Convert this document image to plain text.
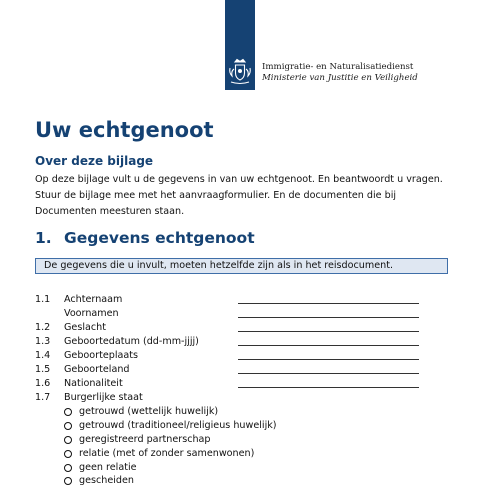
Immigratie- en Naturalisatiedienst
Ministerie van Justitie en Veiligheid
Uw echtgenoot
Over deze bijlage
Op deze bijlage vult u de gegevens in van uw echtgenoot. En beantwoordt u vragen. Stuur de bijlage mee met het aanvraagformulier. En de documenten die bij Documenten meesturen staan.
1. Gegevens echtgenoot
De gegevens die u invult, moeten hetzelfde zijn als in het reisdocument.
1.1 Achternaam
Voornamen
1.2 Geslacht
1.3 Geboortedatum (dd-mm-jjjj)
1.4 Geboorteplaats
1.5 Geboorteland
1.6 Nationaliteit
1.7 Burgerlijke staat
getrouwd (wettelijk huwelijk)
getrouwd (traditioneel/religieus huwelijk)
geregistreerd partnerschap
relatie (met of zonder samenwonen)
geen relatie
gescheiden
